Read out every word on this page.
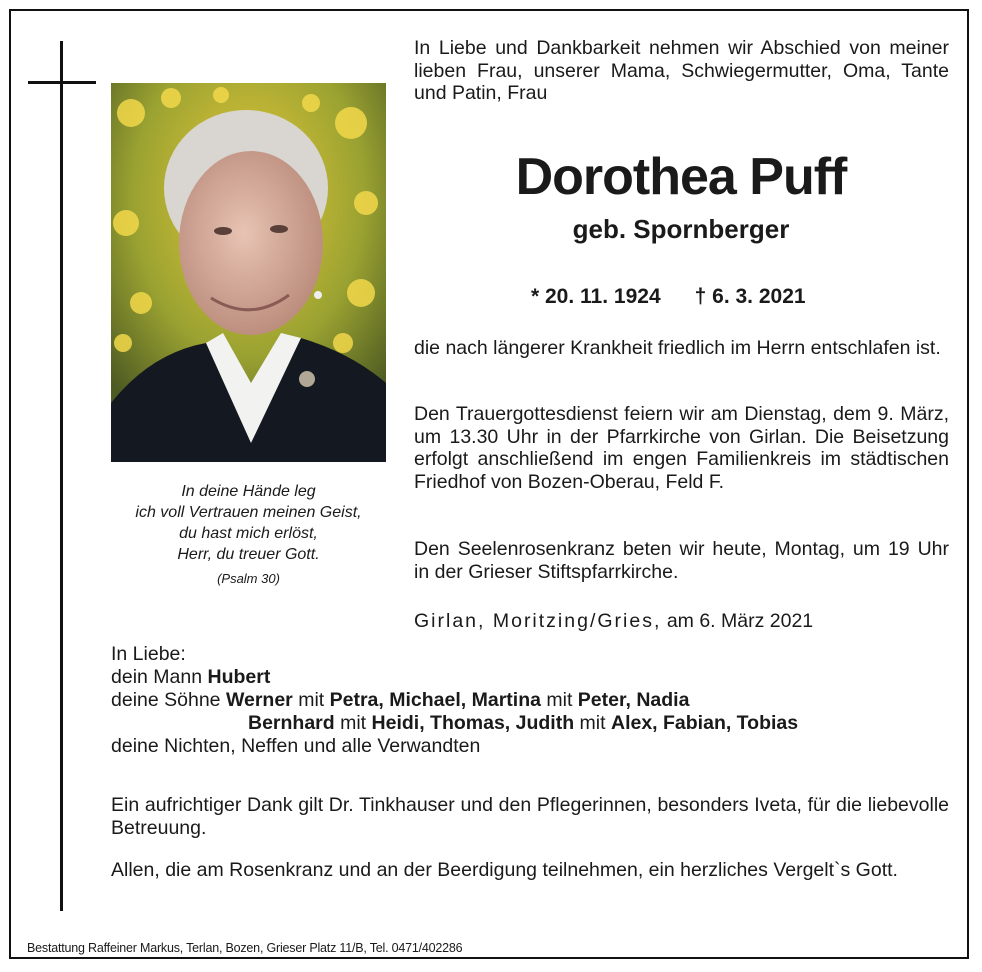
In deine Hände leg
ich voll Vertrauen meinen Geist,
du hast mich erlöst,
Herr, du treuer Gott.
(Psalm 30)

In Liebe und Dankbarkeit nehmen wir Abschied von meiner lieben Frau, unserer Mama, Schwiegermutter, Oma, Tante und Patin, Frau

Dorothea Puff
geb. Spornberger
* 20. 11. 1924 † 6. 3. 2021

die nach längerer Krankheit friedlich im Herrn entschlafen ist.

Den Trauergottesdienst feiern wir am Dienstag, dem 9. März, um 13.30 Uhr in der Pfarrkirche von Girlan. Die Beisetzung erfolgt anschließend im engen Familienkreis im städtischen Friedhof von Bozen-Oberau, Feld F.

Den Seelenrosenkranz beten wir heute, Montag, um 19 Uhr in der Grieser Stiftspfarrkirche.

Girlan, Moritzing/Gries, am 6. März 2021
In Liebe:
dein Mann Hubert
deine Söhne Werner mit Petra, Michael, Martina mit Peter, Nadia
Bernhard mit Heidi, Thomas, Judith mit Alex, Fabian, Tobias
deine Nichten, Neffen und alle Verwandten

Ein aufrichtiger Dank gilt Dr. Tinkhauser und den Pflegerinnen, besonders Iveta, für die liebevolle Betreuung.

Allen, die am Rosenkranz und an der Beerdigung teilnehmen, ein herzliches Vergelt`s Gott.

Bestattung Raffeiner Markus, Terlan, Bozen, Grieser Platz 11/B, Tel. 0471/402286
